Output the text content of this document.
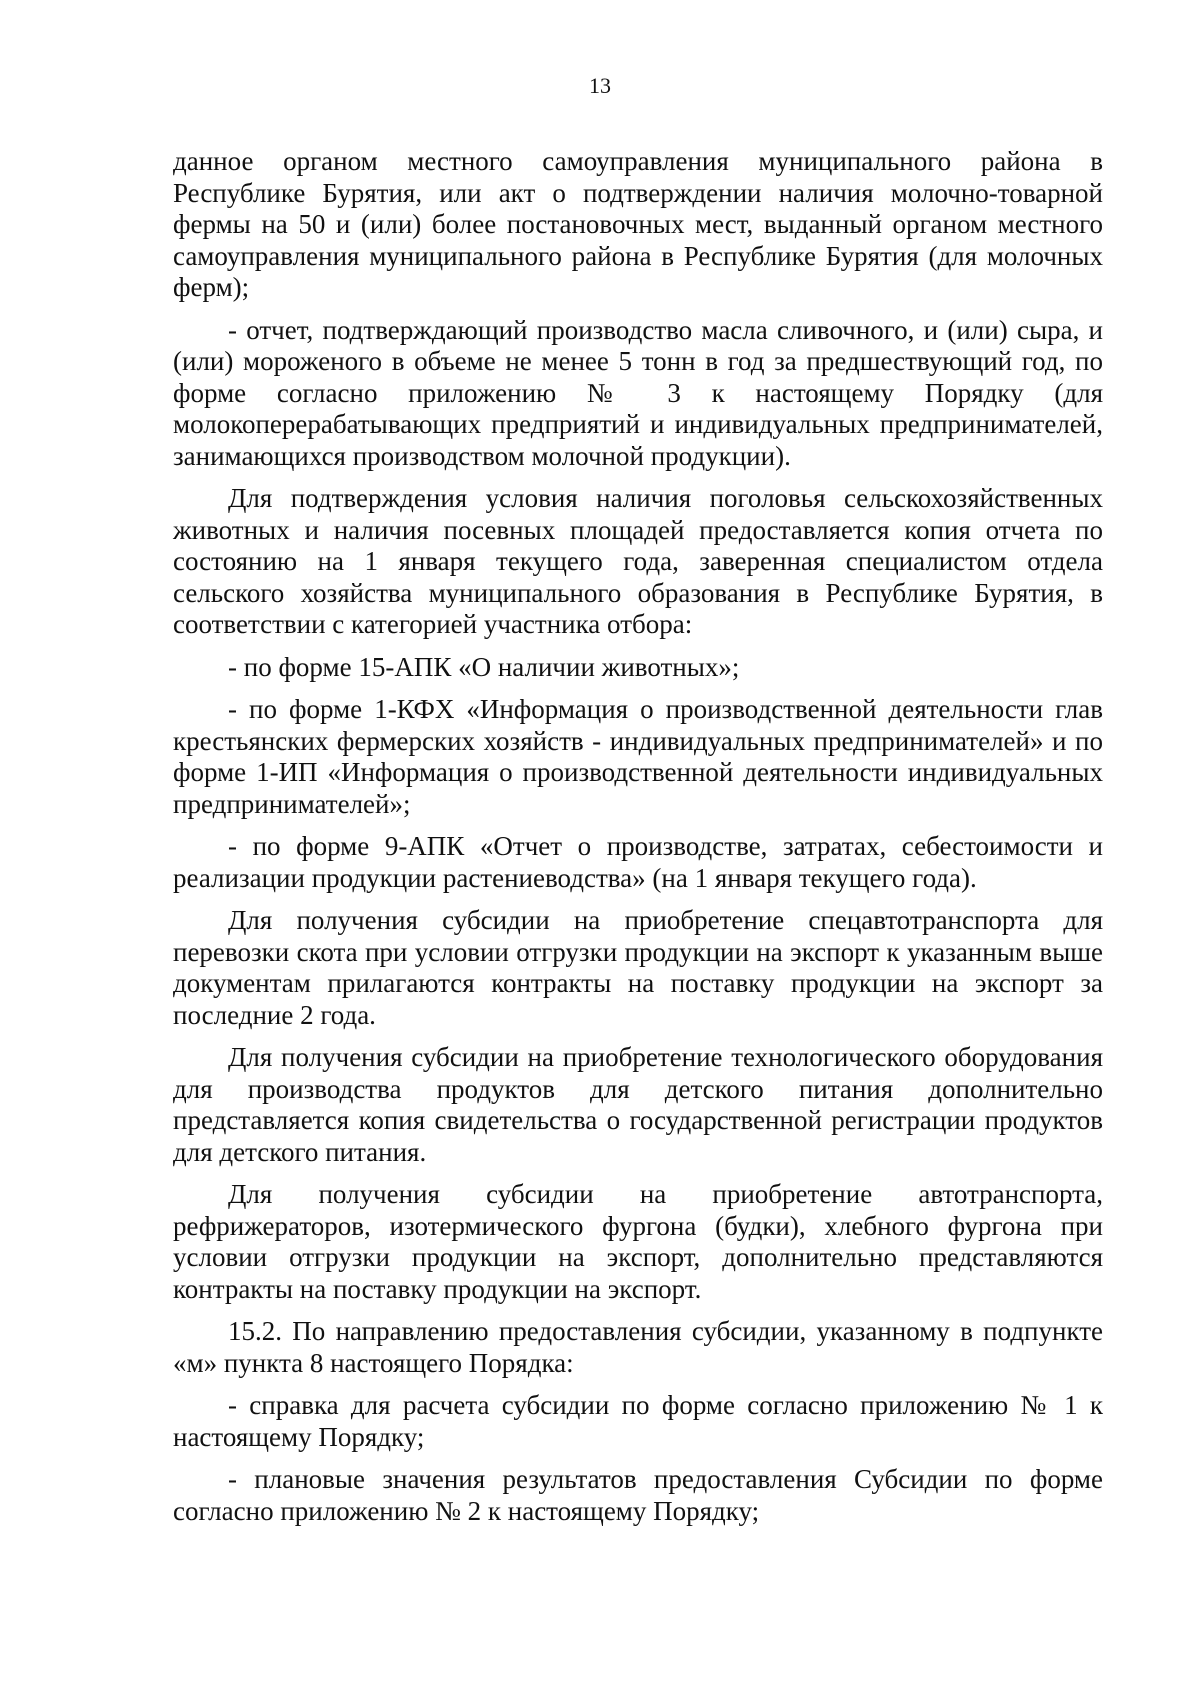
13

данное органом местного самоуправления муниципального района в Республике Бурятия, или акт о подтверждении наличия молочно-товарной фермы на 50 и (или) более постановочных мест, выданный органом местного самоуправления муниципального района в Республике Бурятия (для молочных ферм);

- отчет, подтверждающий производство масла сливочного, и (или) сыра, и (или) мороженого в объеме не менее 5 тонн в год за предшествующий год, по форме согласно приложению № 3 к настоящему Порядку (для молокоперерабатывающих предприятий и индивидуальных предпринимателей, занимающихся производством молочной продукции).

Для подтверждения условия наличия поголовья сельскохозяйственных животных и наличия посевных площадей предоставляется копия отчета по состоянию на 1 января текущего года, заверенная специалистом отдела сельского хозяйства муниципального образования в Республике Бурятия, в соответствии с категорией участника отбора:

- по форме 15-АПК «О наличии животных»;

- по форме 1-КФХ «Информация о производственной деятельности глав крестьянских фермерских хозяйств - индивидуальных предпринимателей» и по форме 1-ИП «Информация о производственной деятельности индивидуальных предпринимателей»;

- по форме 9-АПК «Отчет о производстве, затратах, себестоимости и реализации продукции растениеводства» (на 1 января текущего года).

Для получения субсидии на приобретение спецавтотранспорта для перевозки скота при условии отгрузки продукции на экспорт к указанным выше документам прилагаются контракты на поставку продукции на экспорт за последние 2 года.

Для получения субсидии на приобретение технологического оборудования для производства продуктов для детского питания дополнительно представляется копия свидетельства о государственной регистрации продуктов для детского питания.

Для получения субсидии на приобретение автотранспорта, рефрижераторов, изотермического фургона (будки), хлебного фургона при условии отгрузки продукции на экспорт, дополнительно представляются контракты на поставку продукции на экспорт.

15.2. По направлению предоставления субсидии, указанному в подпункте «м» пункта 8 настоящего Порядка:

- справка для расчета субсидии по форме согласно приложению № 1 к настоящему Порядку;

- плановые значения результатов предоставления Субсидии по форме согласно приложению № 2 к настоящему Порядку;
